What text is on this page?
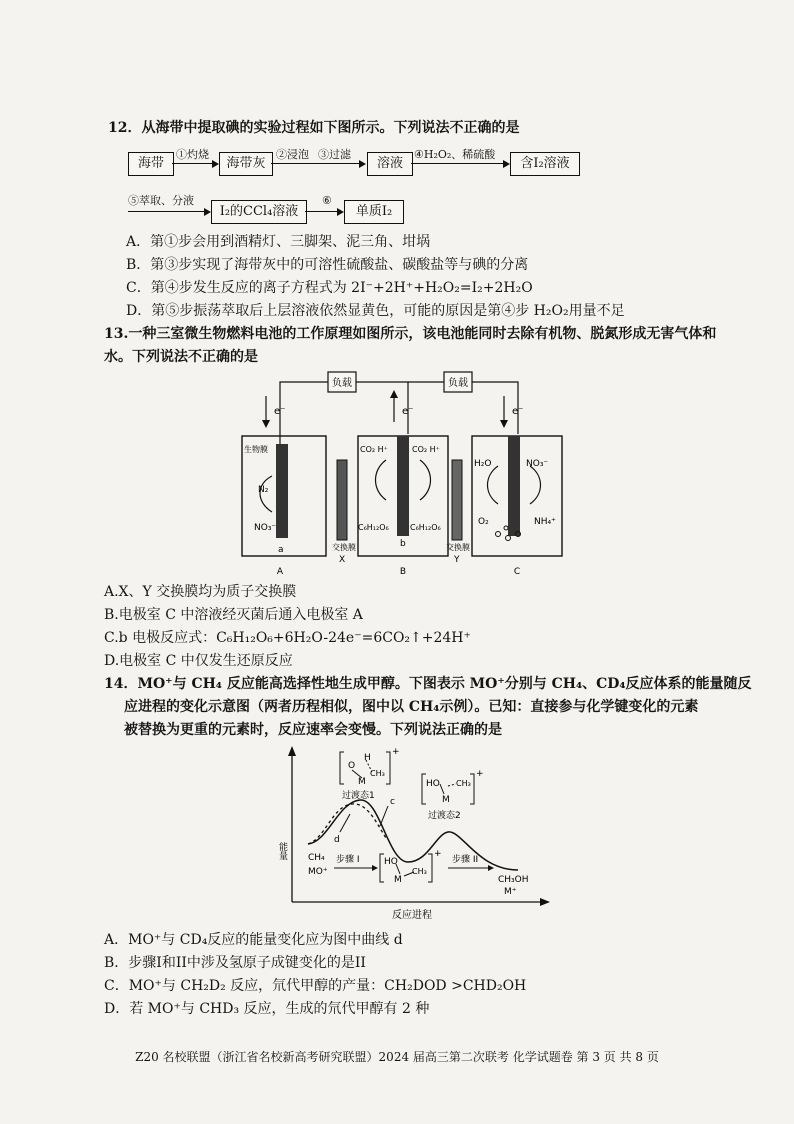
12．从海带中提取碘的实验过程如下图所示。下列说法不正确的是
海带
①灼烧
海带灰
②浸泡 ③过滤
溶液
④H₂O₂、稀硫酸
含I₂溶液
⑤萃取、分液
I₂的CCl₄溶液
⑥
单质I₂
A．第①步会用到酒精灯、三脚架、泥三角、坩埚
B．第③步实现了海带灰中的可溶性硫酸盐、碳酸盐等与碘的分离
C．第④步发生反应的离子方程式为 2I⁻+2H⁺+H₂O₂=I₂+2H₂O
D．第⑤步振荡萃取后上层溶液依然显黄色，可能的原因是第④步 H₂O₂用量不足
13.一种三室微生物燃料电池的工作原理如图所示，该电池能同时去除有机物、脱氮形成无害气体和
水。下列说法不正确的是
负载	负载
e⁻	e⁻	e⁻
生物膜
N₂
NO₃⁻
a
CO₂ H⁺	CO₂ H⁺
C₆H₁₂O₆	C₆H₁₂O₆
b
H₂O	NO₃⁻
O₂	NH₄⁺
交换膜
X
交换膜
Y
A	B	C
A.X、Y 交换膜均为质子交换膜
B.电极室 C 中溶液经灭菌后通入电极室 A
C.b 电极反应式：C₆H₁₂O₆+6H₂O-24e⁻=6CO₂↑+24H⁺
D.电极室 C 中仅发生还原反应
14．MO⁺与 CH₄ 反应能高选择性地生成甲醇。下图表示 MO⁺分别与 CH₄、CD₄反应体系的能量随反
应进程的变化示意图（两者历程相似，图中以 CH₄示例）。已知：直接参与化学键变化的元素
被替换为更重的元素时，反应速率会变慢。下列说法正确的是
能量
反应进程
c
d
O
H
M
CH₃
+
过渡态1
HO CH₃
M
+
过渡态2
CH₄
MO⁺
步骤 I	HO
M
CH₃
+
步骤 II
CH₃OH
M⁺
A．MO⁺与 CD₄反应的能量变化应为图中曲线 d
B．步骤I和II中涉及氢原子成键变化的是II
C．MO⁺与 CH₂D₂ 反应，氘代甲醇的产量：CH₂DOD >CHD₂OH
D．若 MO⁺与 CHD₃ 反应，生成的氘代甲醇有 2 种
Z20 名校联盟（浙江省名校新高考研究联盟）2024 届高三第二次联考 化学试题卷 第 3 页 共 8 页
